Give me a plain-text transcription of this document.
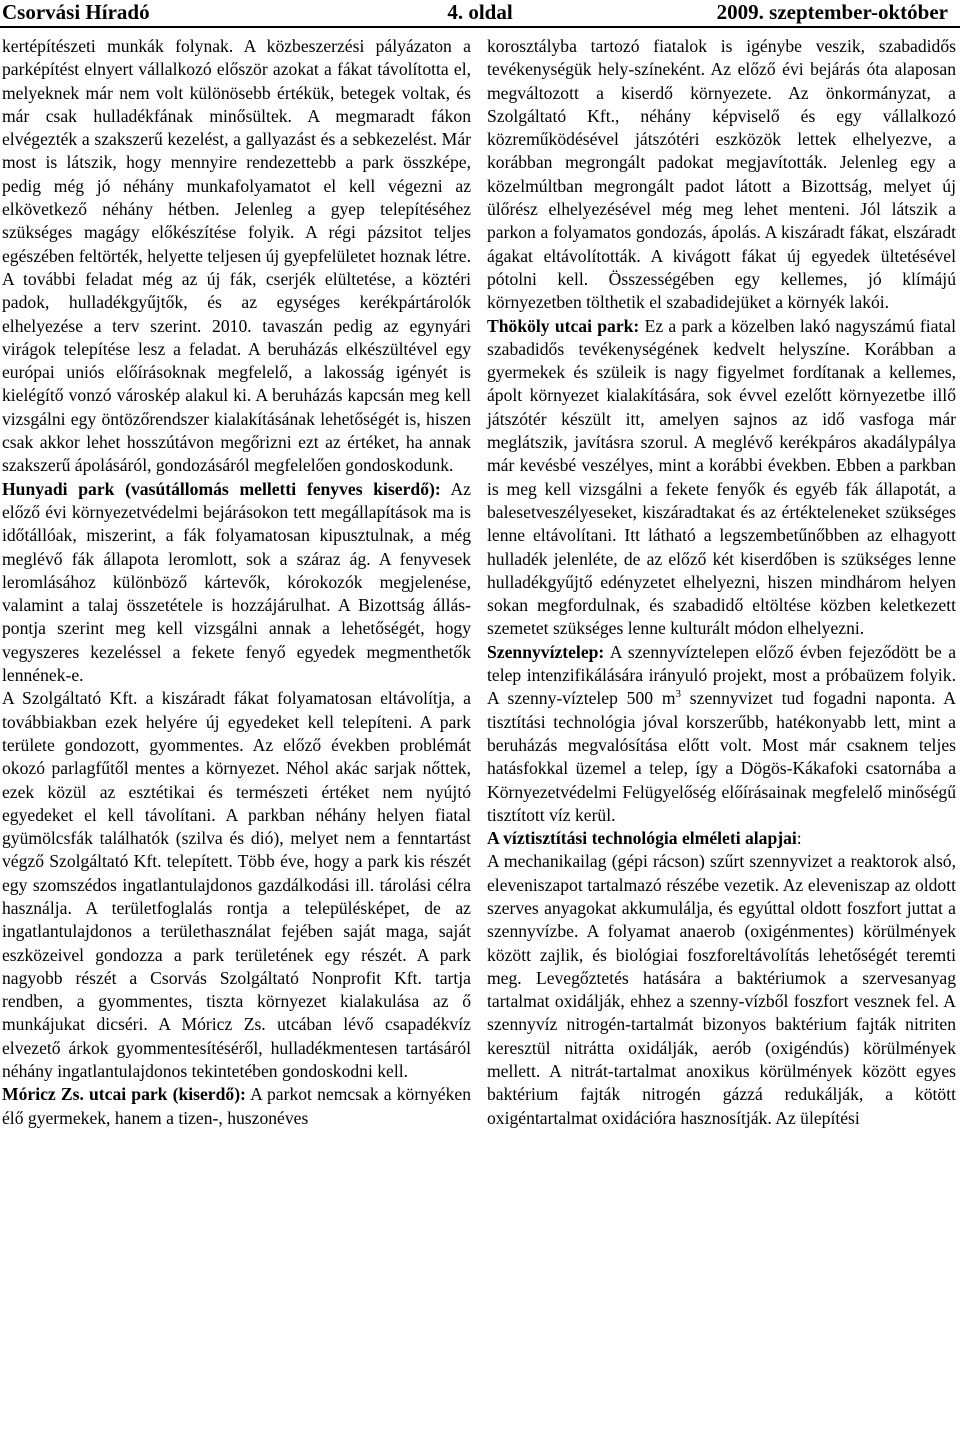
Csorvási Híradó	4. oldal	2009. szeptember-október

kertépítészeti munkák folynak. A közbeszerzési pályázaton a parképítést elnyert vállalkozó először azokat a fákat távolította el, melyeknek már nem volt különösebb értékük, betegek voltak, és már csak hulladékfának minősültek. A megmaradt fákon elvégezték a szakszerű kezelést, a gallyazást és a sebkezelést. Már most is látszik, hogy mennyire rendezettebb a park összképe, pedig még jó néhány munkafolyamatot el kell végezni az elkövetkező néhány hétben. Jelenleg a gyep telepítéséhez szükséges magágy előkészítése folyik. A régi pázsitot teljes egészében feltörték, helyette teljesen új gyepfelületet hoznak létre. A további feladat még az új fák, cserjék elültetése, a köztéri padok, hulladékgyűjtők, és az egységes kerékpártárolók elhelyezése a terv szerint. 2010. tavaszán pedig az egynyári virágok telepítése lesz a feladat. A beruházás elkészültével egy európai uniós előírásoknak megfelelő, a lakosság igényét is kielégítő vonzó városkép alakul ki. A beruházás kapcsán meg kell vizsgálni egy öntözőrendszer kialakításának lehetőségét is, hiszen csak akkor lehet hosszútávon megőrizni ezt az értéket, ha annak szakszerű ápolásáról, gondozásáról megfelelően gondoskodunk.

Hunyadi park (vasútállomás melletti fenyves kiserdő): Az előző évi környezetvédelmi bejárásokon tett megállapítások ma is időtállóak, miszerint, a fák folyamatosan kipusztulnak, a még meglévő fák állapota leromlott, sok a száraz ág. A fenyvesek leromlásához különböző kártevők, kórokozók megjelenése, valamint a talaj összetétele is hozzájárulhat. A Bizottság állás-pontja szerint meg kell vizsgálni annak a lehetőségét, hogy vegyszeres kezeléssel a fekete fenyő egyedek megmenthetők lennének-e.

A Szolgáltató Kft. a kiszáradt fákat folyamatosan eltávolítja, a továbbiakban ezek helyére új egyedeket kell telepíteni. A park területe gondozott, gyommentes. Az előző években problémát okozó parlagfűtől mentes a környezet. Néhol akác sarjak nőttek, ezek közül az esztétikai és természeti értéket nem nyújtó egyedeket el kell távolítani. A parkban néhány helyen fiatal gyümölcsfák találhatók (szilva és dió), melyet nem a fenntartást végző Szolgáltató Kft. telepített. Több éve, hogy a park kis részét egy szomszédos ingatlantulajdonos gazdálkodási ill. tárolási célra használja. A területfoglalás rontja a településképet, de az ingatlantulajdonos a területhasználat fejében saját maga, saját eszközeivel gondozza a park területének egy részét. A park nagyobb részét a Csorvás Szolgáltató Nonprofit Kft. tartja rendben, a gyommentes, tiszta környezet kialakulása az ő munkájukat dicséri. A Móricz Zs. utcában lévő csapadékvíz elvezető árkok gyommentesítéséről, hulladékmentesen tartásáról néhány ingatlantulajdonos tekintetében gondoskodni kell.

Móricz Zs. utcai park (kiserdő): A parkot nemcsak a környéken élő gyermekek, hanem a tizen-, huszonéves

korosztályba tartozó fiatalok is igénybe veszik, szabadidős tevékenységük hely-színeként. Az előző évi bejárás óta alaposan megváltozott a kiserdő környezete. Az önkormányzat, a Szolgáltató Kft., néhány képviselő és egy vállalkozó közreműködésével játszótéri eszközök lettek elhelyezve, a korábban megrongált padokat megjavították. Jelenleg egy a közelmúltban megrongált padot látott a Bizottság, melyet új ülőrész elhelyezésével még meg lehet menteni. Jól látszik a parkon a folyamatos gondozás, ápolás. A kiszáradt fákat, elszáradt ágakat eltávolították. A kivágott fákat új egyedek ültetésével pótolni kell. Összességében egy kellemes, jó klímájú környezetben tölthetik el szabadidejüket a környék lakói.

Thököly utcai park: Ez a park a közelben lakó nagyszámú fiatal szabadidős tevékenységének kedvelt helyszíne. Korábban a gyermekek és szüleik is nagy figyelmet fordítanak a kellemes, ápolt környezet kialakítására, sok évvel ezelőtt környezetbe illő játszótér készült itt, amelyen sajnos az idő vasfoga már meglátszik, javításra szorul. A meglévő kerékpáros akadálypálya már kevésbé veszélyes, mint a korábbi években. Ebben a parkban is meg kell vizsgálni a fekete fenyők és egyéb fák állapotát, a balesetveszélyeseket, kiszáradtakat és az értékteleneket szükséges lenne eltávolítani. Itt látható a legszembetűnőbben az elhagyott hulladék jelenléte, de az előző két kiserdőben is szükséges lenne hulladékgyűjtő edényzetet elhelyezni, hiszen mindhárom helyen sokan megfordulnak, és szabadidő eltöltése közben keletkezett szemetet szükséges lenne kulturált módon elhelyezni.

Szennyvíztelep: A szennyvíztelepen előző évben fejeződött be a telep intenzifikálására irányuló projekt, most a próbaüzem folyik. A szenny-víztelep 500 $m^3$ szennyvizet tud fogadni naponta. A tisztítási technológia jóval korszerűbb, hatékonyabb lett, mint a beruházás megvalósítása előtt volt. Most már csaknem teljes hatásfokkal üzemel a telep, így a Dögös-Kákafoki csatornába a Környezetvédelmi Felügyelőség előírásainak megfelelő minőségű tisztított víz kerül.

A víztisztítási technológia elméleti alapjai:

A mechanikailag (gépi rácson) szűrt szennyvizet a reaktorok alsó, eleveniszapot tartalmazó részébe vezetik. Az eleveniszap az oldott szerves anyagokat akkumulálja, és egyúttal oldott foszfort juttat a szennyvízbe. A folyamat anaerob (oxigénmentes) körülmények között zajlik, és biológiai foszforeltávolítás lehetőségét teremti meg. Levegőztetés hatására a baktériumok a szervesanyag tartalmat oxidálják, ehhez a szenny-vízből foszfort vesznek fel. A szennyvíz nitrogén-tartalmát bizonyos baktérium fajták nitriten keresztül nitrátta oxidálják, aerób (oxigéndús) körülmények mellett. A nitrát-tartalmat anoxikus körülmények között egyes baktérium fajták nitrogén gázzá redukálják, a kötött oxigéntartalmat oxidációra hasznosítják. Az ülepítési
